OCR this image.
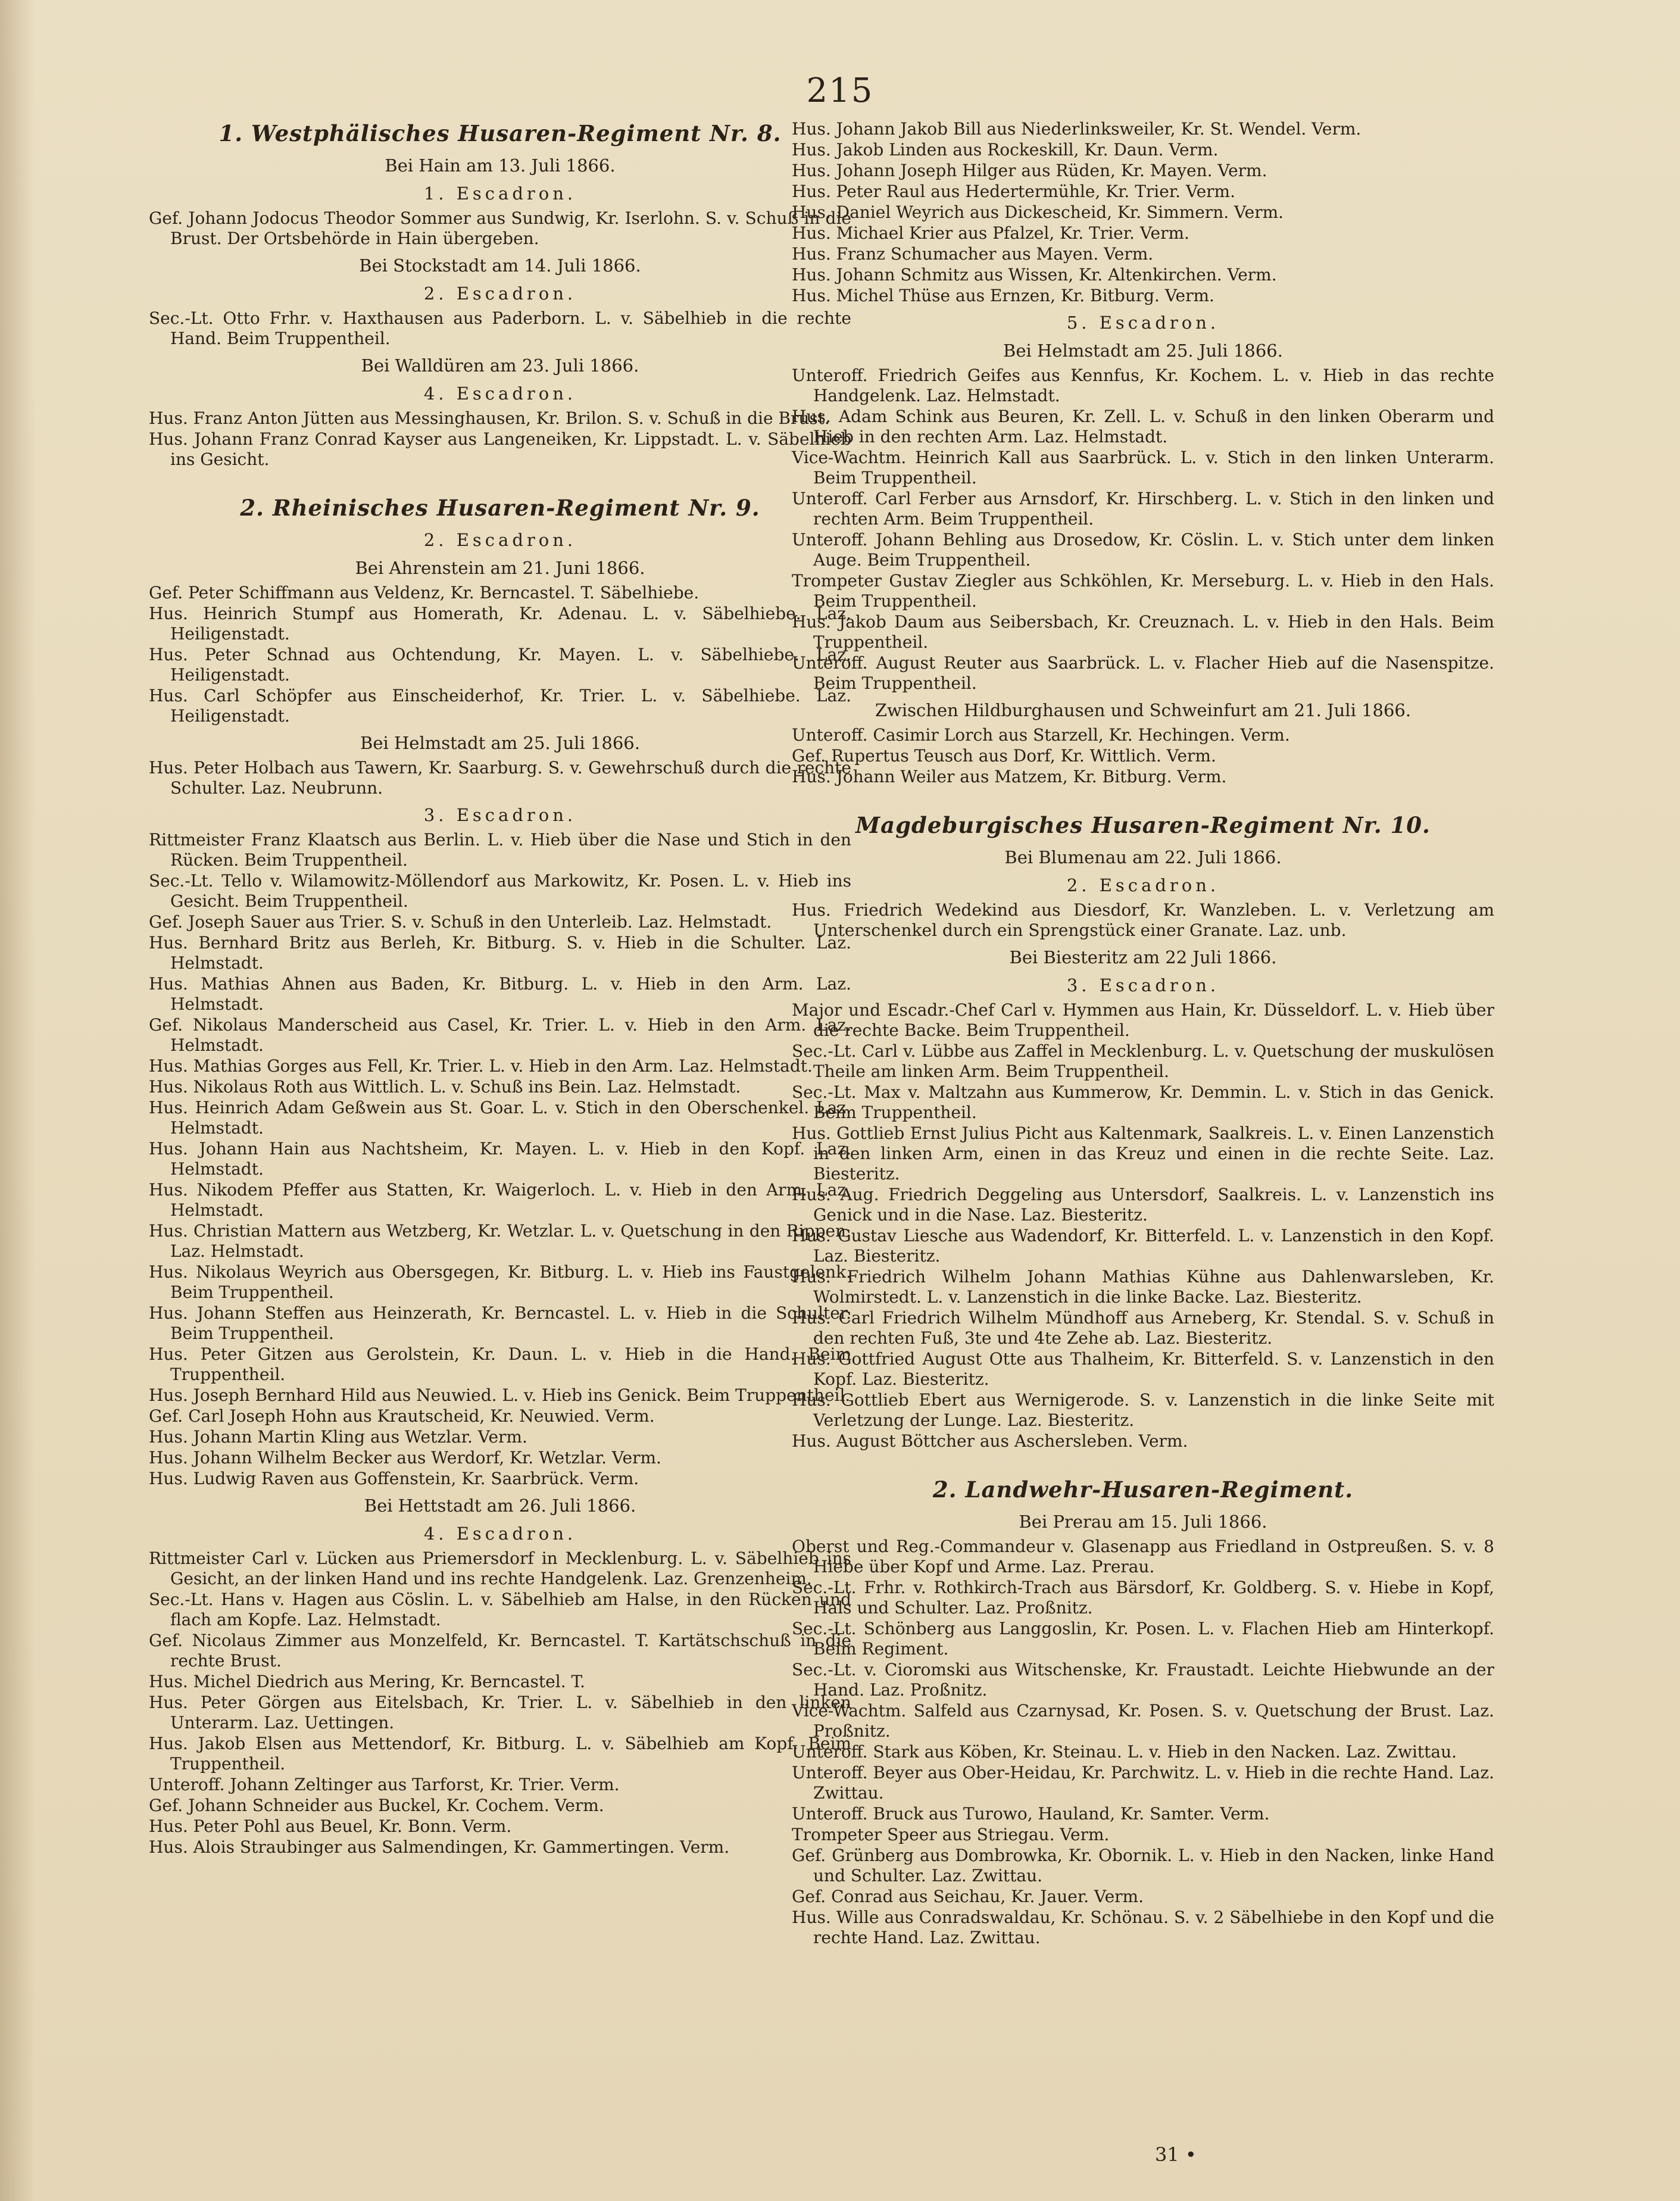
215

1. Westphälisches Husaren-Regiment Nr. 8.

Bei Hain am 13. Juli 1866.

1. Escadron.

Gef. Johann Jodocus Theodor Sommer aus Sundwig, Kr. Iserlohn. S. v. Schuß in die Brust. Der Ortsbehörde in Hain übergeben.

Bei Stockstadt am 14. Juli 1866.

2. Escadron.

Sec.-Lt. Otto Frhr. v. Haxthausen aus Paderborn. L. v. Säbelhieb in die rechte Hand. Beim Truppentheil.

Bei Walldüren am 23. Juli 1866.

4. Escadron.

Hus. Franz Anton Jütten aus Messinghausen, Kr. Brilon. S. v. Schuß in die Brust.

Hus. Johann Franz Conrad Kayser aus Langeneiken, Kr. Lippstadt. L. v. Säbelhieb ins Gesicht.

2. Rheinisches Husaren-Regiment Nr. 9.

2. Escadron.

Bei Ahrenstein am 21. Juni 1866.

Gef. Peter Schiffmann aus Veldenz, Kr. Berncastel. T. Säbelhiebe.

Hus. Heinrich Stumpf aus Homerath, Kr. Adenau. L. v. Säbelhiebe. Laz. Heiligenstadt.

Hus. Peter Schnad aus Ochtendung, Kr. Mayen. L. v. Säbelhiebe. Laz. Heiligenstadt.

Hus. Carl Schöpfer aus Einscheiderhof, Kr. Trier. L. v. Säbelhiebe. Laz. Heiligenstadt.

Bei Helmstadt am 25. Juli 1866.

Hus. Peter Holbach aus Tawern, Kr. Saarburg. S. v. Gewehrschuß durch die rechte Schulter. Laz. Neubrunn.

3. Escadron.

Rittmeister Franz Klaatsch aus Berlin. L. v. Hieb über die Nase und Stich in den Rücken. Beim Truppentheil.

Sec.-Lt. Tello v. Wilamowitz-Möllendorf aus Markowitz, Kr. Posen. L. v. Hieb ins Gesicht. Beim Truppentheil.

Gef. Joseph Sauer aus Trier. S. v. Schuß in den Unterleib. Laz. Helmstadt.

Hus. Bernhard Britz aus Berleh, Kr. Bitburg. S. v. Hieb in die Schulter. Laz. Helmstadt.

Hus. Mathias Ahnen aus Baden, Kr. Bitburg. L. v. Hieb in den Arm. Laz. Helmstadt.

Gef. Nikolaus Manderscheid aus Casel, Kr. Trier. L. v. Hieb in den Arm. Laz. Helmstadt.

Hus. Mathias Gorges aus Fell, Kr. Trier. L. v. Hieb in den Arm. Laz. Helmstadt.

Hus. Nikolaus Roth aus Wittlich. L. v. Schuß ins Bein. Laz. Helmstadt.

Hus. Heinrich Adam Geßwein aus St. Goar. L. v. Stich in den Oberschenkel. Laz. Helmstadt.

Hus. Johann Hain aus Nachtsheim, Kr. Mayen. L. v. Hieb in den Kopf. Laz. Helmstadt.

Hus. Nikodem Pfeffer aus Statten, Kr. Waigerloch. L. v. Hieb in den Arm. Laz. Helmstadt.

Hus. Christian Mattern aus Wetzberg, Kr. Wetzlar. L. v. Quetschung in den Rippen. Laz. Helmstadt.

Hus. Nikolaus Weyrich aus Obersgegen, Kr. Bitburg. L. v. Hieb ins Faustgelenk. Beim Truppentheil.

Hus. Johann Steffen aus Heinzerath, Kr. Berncastel. L. v. Hieb in die Schulter. Beim Truppentheil.

Hus. Peter Gitzen aus Gerolstein, Kr. Daun. L. v. Hieb in die Hand. Beim Truppentheil.

Hus. Joseph Bernhard Hild aus Neuwied. L. v. Hieb ins Genick. Beim Truppentheil.

Gef. Carl Joseph Hohn aus Krautscheid, Kr. Neuwied. Verm.

Hus. Johann Martin Kling aus Wetzlar. Verm.

Hus. Johann Wilhelm Becker aus Werdorf, Kr. Wetzlar. Verm.

Hus. Ludwig Raven aus Goffenstein, Kr. Saarbrück. Verm.

Bei Hettstadt am 26. Juli 1866.

4. Escadron.

Rittmeister Carl v. Lücken aus Priemersdorf in Mecklenburg. L. v. Säbelhieb ins Gesicht, an der linken Hand und ins rechte Handgelenk. Laz. Grenzenheim.

Sec.-Lt. Hans v. Hagen aus Cöslin. L. v. Säbelhieb am Halse, in den Rücken und flach am Kopfe. Laz. Helmstadt.

Gef. Nicolaus Zimmer aus Monzelfeld, Kr. Berncastel. T. Kartätschschuß in die rechte Brust.

Hus. Michel Diedrich aus Mering, Kr. Berncastel. T.

Hus. Peter Görgen aus Eitelsbach, Kr. Trier. L. v. Säbelhieb in den linken Unterarm. Laz. Uettingen.

Hus. Jakob Elsen aus Mettendorf, Kr. Bitburg. L. v. Säbelhieb am Kopf. Beim Truppentheil.

Unteroff. Johann Zeltinger aus Tarforst, Kr. Trier. Verm.

Gef. Johann Schneider aus Buckel, Kr. Cochem. Verm.

Hus. Peter Pohl aus Beuel, Kr. Bonn. Verm.

Hus. Alois Straubinger aus Salmendingen, Kr. Gammertingen. Verm.

Hus. Johann Jakob Bill aus Niederlinksweiler, Kr. St. Wendel. Verm.

Hus. Jakob Linden aus Rockeskill, Kr. Daun. Verm.

Hus. Johann Joseph Hilger aus Rüden, Kr. Mayen. Verm.

Hus. Peter Raul aus Hedertermühle, Kr. Trier. Verm.

Hus. Daniel Weyrich aus Dickescheid, Kr. Simmern. Verm.

Hus. Michael Krier aus Pfalzel, Kr. Trier. Verm.

Hus. Franz Schumacher aus Mayen. Verm.

Hus. Johann Schmitz aus Wissen, Kr. Altenkirchen. Verm.

Hus. Michel Thüse aus Ernzen, Kr. Bitburg. Verm.

5. Escadron.

Bei Helmstadt am 25. Juli 1866.

Unteroff. Friedrich Geifes aus Kennfus, Kr. Kochem. L. v. Hieb in das rechte Handgelenk. Laz. Helmstadt.

Hus. Adam Schink aus Beuren, Kr. Zell. L. v. Schuß in den linken Oberarm und Hieb in den rechten Arm. Laz. Helmstadt.

Vice-Wachtm. Heinrich Kall aus Saarbrück. L. v. Stich in den linken Unterarm. Beim Truppentheil.

Unteroff. Carl Ferber aus Arnsdorf, Kr. Hirschberg. L. v. Stich in den linken und rechten Arm. Beim Truppentheil.

Unteroff. Johann Behling aus Drosedow, Kr. Cöslin. L. v. Stich unter dem linken Auge. Beim Truppentheil.

Trompeter Gustav Ziegler aus Schköhlen, Kr. Merseburg. L. v. Hieb in den Hals. Beim Truppentheil.

Hus. Jakob Daum aus Seibersbach, Kr. Creuznach. L. v. Hieb in den Hals. Beim Truppentheil.

Unteroff. August Reuter aus Saarbrück. L. v. Flacher Hieb auf die Nasenspitze. Beim Truppentheil.

Zwischen Hildburghausen und Schweinfurt am 21. Juli 1866.

Unteroff. Casimir Lorch aus Starzell, Kr. Hechingen. Verm.

Gef. Rupertus Teusch aus Dorf, Kr. Wittlich. Verm.

Hus. Johann Weiler aus Matzem, Kr. Bitburg. Verm.

Magdeburgisches Husaren-Regiment Nr. 10.

Bei Blumenau am 22. Juli 1866.

2. Escadron.

Hus. Friedrich Wedekind aus Diesdorf, Kr. Wanzleben. L. v. Verletzung am Unterschenkel durch ein Sprengstück einer Granate. Laz. unb.

Bei Biesteritz am 22 Juli 1866.

3. Escadron.

Major und Escadr.-Chef Carl v. Hymmen aus Hain, Kr. Düsseldorf. L. v. Hieb über die rechte Backe. Beim Truppentheil.

Sec.-Lt. Carl v. Lübbe aus Zaffel in Mecklenburg. L. v. Quetschung der muskulösen Theile am linken Arm. Beim Truppentheil.

Sec.-Lt. Max v. Maltzahn aus Kummerow, Kr. Demmin. L. v. Stich in das Genick. Beim Truppentheil.

Hus. Gottlieb Ernst Julius Picht aus Kaltenmark, Saalkreis. L. v. Einen Lanzenstich in den linken Arm, einen in das Kreuz und einen in die rechte Seite. Laz. Biesteritz.

Hus. Aug. Friedrich Deggeling aus Untersdorf, Saalkreis. L. v. Lanzenstich ins Genick und in die Nase. Laz. Biesteritz.

Hus. Gustav Liesche aus Wadendorf, Kr. Bitterfeld. L. v. Lanzenstich in den Kopf. Laz. Biesteritz.

Hus. Friedrich Wilhelm Johann Mathias Kühne aus Dahlenwarsleben, Kr. Wolmirstedt. L. v. Lanzenstich in die linke Backe. Laz. Biesteritz.

Hus. Carl Friedrich Wilhelm Mündhoff aus Arneberg, Kr. Stendal. S. v. Schuß in den rechten Fuß, 3te und 4te Zehe ab. Laz. Biesteritz.

Hus. Gottfried August Otte aus Thalheim, Kr. Bitterfeld. S. v. Lanzenstich in den Kopf. Laz. Biesteritz.

Hus. Gottlieb Ebert aus Wernigerode. S. v. Lanzenstich in die linke Seite mit Verletzung der Lunge. Laz. Biesteritz.

Hus. August Böttcher aus Aschersleben. Verm.

2. Landwehr-Husaren-Regiment.

Bei Prerau am 15. Juli 1866.

Oberst und Reg.-Commandeur v. Glasenapp aus Friedland in Ostpreußen. S. v. 8 Hiebe über Kopf und Arme. Laz. Prerau.

Sec.-Lt. Frhr. v. Rothkirch-Trach aus Bärsdorf, Kr. Goldberg. S. v. Hiebe in Kopf, Hals und Schulter. Laz. Proßnitz.

Sec.-Lt. Schönberg aus Langgoslin, Kr. Posen. L. v. Flachen Hieb am Hinterkopf. Beim Regiment.

Sec.-Lt. v. Cioromski aus Witschenske, Kr. Fraustadt. Leichte Hiebwunde an der Hand. Laz. Proßnitz.

Vice-Wachtm. Salfeld aus Czarnysad, Kr. Posen. S. v. Quetschung der Brust. Laz. Proßnitz.

Unteroff. Stark aus Köben, Kr. Steinau. L. v. Hieb in den Nacken. Laz. Zwittau.

Unteroff. Beyer aus Ober-Heidau, Kr. Parchwitz. L. v. Hieb in die rechte Hand. Laz. Zwittau.

Unteroff. Bruck aus Turowo, Hauland, Kr. Samter. Verm.

Trompeter Speer aus Striegau. Verm.

Gef. Grünberg aus Dombrowka, Kr. Obornik. L. v. Hieb in den Nacken, linke Hand und Schulter. Laz. Zwittau.

Gef. Conrad aus Seichau, Kr. Jauer. Verm.

Hus. Wille aus Conradswaldau, Kr. Schönau. S. v. 2 Säbelhiebe in den Kopf und die rechte Hand. Laz. Zwittau.

31 •
